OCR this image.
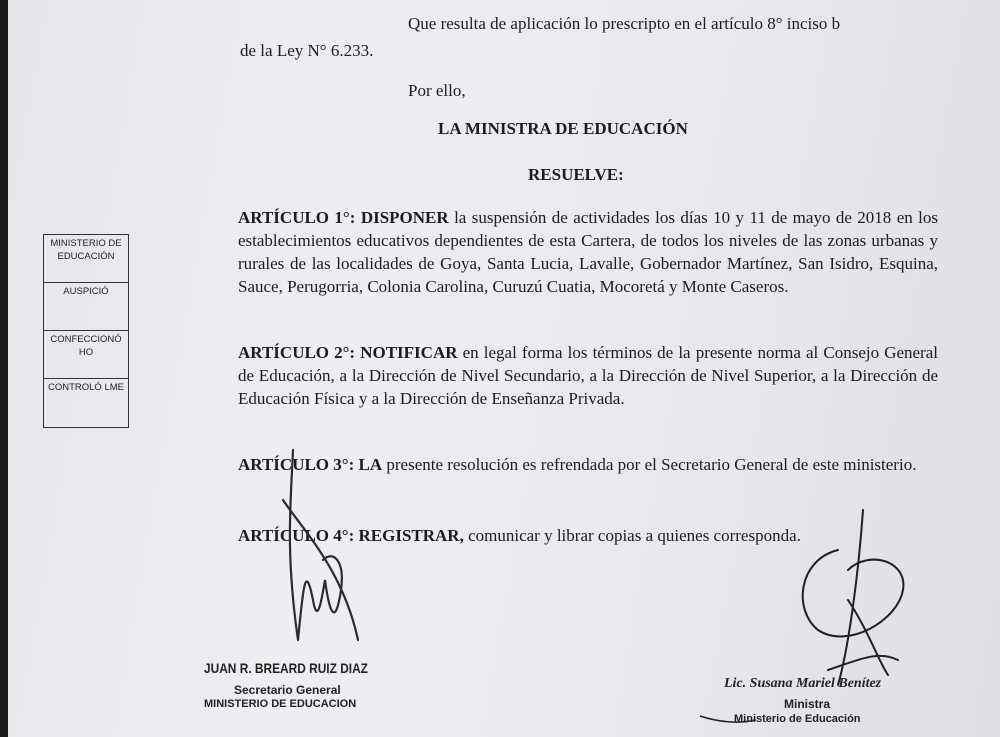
Que resulta de aplicación lo prescripto en el artículo 8° inciso b
de la Ley N° 6.233.
Por ello,
LA MINISTRA DE EDUCACIÓN
RESUELVE:
ARTÍCULO 1°: DISPONER la suspensión de actividades los días 10 y 11 de mayo de 2018 en los establecimientos educativos dependientes de esta Cartera, de todos los niveles de las zonas urbanas y rurales de las localidades de Goya, Santa Lucia, Lavalle, Gobernador Martínez, San Isidro, Esquina, Sauce, Perugorria, Colonia Carolina, Curuzú Cuatia, Mocoretá y Monte Caseros.
ARTÍCULO 2°: NOTIFICAR en legal forma los términos de la presente norma al Consejo General de Educación, a la Dirección de Nivel Secundario, a la Dirección de Nivel Superior, a la Dirección de Educación Física y a la Dirección de Enseñanza Privada.
ARTÍCULO 3°: LA presente resolución es refrendada por el Secretario General de este ministerio.
ARTÍCULO 4°: REGISTRAR, comunicar y librar copias a quienes corresponda.
MINISTERIO DE EDUCACIÓN
AUSPICIÓ
CONFECCIONÓ HO
CONTROLÓ LME
JUAN R. BREARD RUIZ DIAZ
Secretario General
MINISTERIO DE EDUCACION
Lic. Susana Mariel Benítez
Ministra
Ministerio de Educación
